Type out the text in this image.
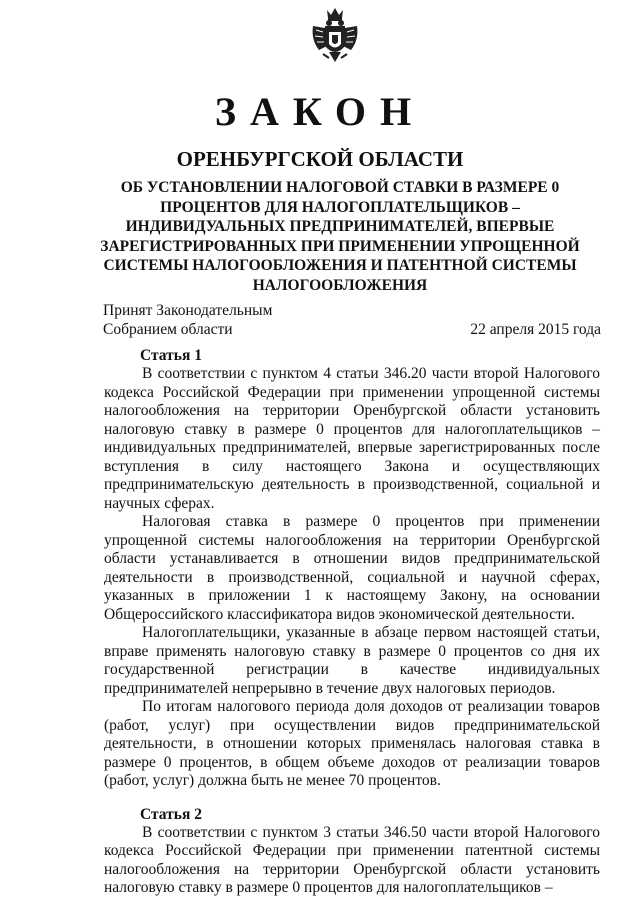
ЗАКОН
ОРЕНБУРГСКОЙ ОБЛАСТИ
ОБ УСТАНОВЛЕНИИ НАЛОГОВОЙ СТАВКИ В РАЗМЕРЕ 0 ПРОЦЕНТОВ ДЛЯ НАЛОГОПЛАТЕЛЬЩИКОВ – ИНДИВИДУАЛЬНЫХ ПРЕДПРИНИМАТЕЛЕЙ, ВПЕРВЫЕ ЗАРЕГИСТРИРОВАННЫХ ПРИ ПРИМЕНЕНИИ УПРОЩЕННОЙ СИСТЕМЫ НАЛОГООБЛОЖЕНИЯ И ПАТЕНТНОЙ СИСТЕМЫ НАЛОГООБЛОЖЕНИЯ
Принят Законодательным
Собранием области	22 апреля 2015 года
Статья 1

В соответствии с пунктом 4 статьи 346.20 части второй Налогового кодекса Российской Федерации при применении упрощенной системы налогообложения на территории Оренбургской области установить налоговую ставку в размере 0 процентов для налогоплательщиков – индивидуальных предпринимателей, впервые зарегистрированных после вступления в силу настоящего Закона и осуществляющих предпринимательскую деятельность в производственной, социальной и научных сферах.

Налоговая ставка в размере 0 процентов при применении упрощенной системы налогообложения на территории Оренбургской области устанавливается в отношении видов предпринимательской деятельности в производственной, социальной и научной сферах, указанных в приложении 1 к настоящему Закону, на основании Общероссийского классификатора видов экономической деятельности.

Налогоплательщики, указанные в абзаце первом настоящей статьи, вправе применять налоговую ставку в размере 0 процентов со дня их государственной регистрации в качестве индивидуальных предпринимателей непрерывно в течение двух налоговых периодов.

По итогам налогового периода доля доходов от реализации товаров (работ, услуг) при осуществлении видов предпринимательской деятельности, в отношении которых применялась налоговая ставка в размере 0 процентов, в общем объеме доходов от реализации товаров (работ, услуг) должна быть не менее 70 процентов.

Статья 2

В соответствии с пунктом 3 статьи 346.50 части второй Налогового кодекса Российской Федерации при применении патентной системы налогообложения на территории Оренбургской области установить налоговую ставку в размере 0 процентов для налогоплательщиков –
